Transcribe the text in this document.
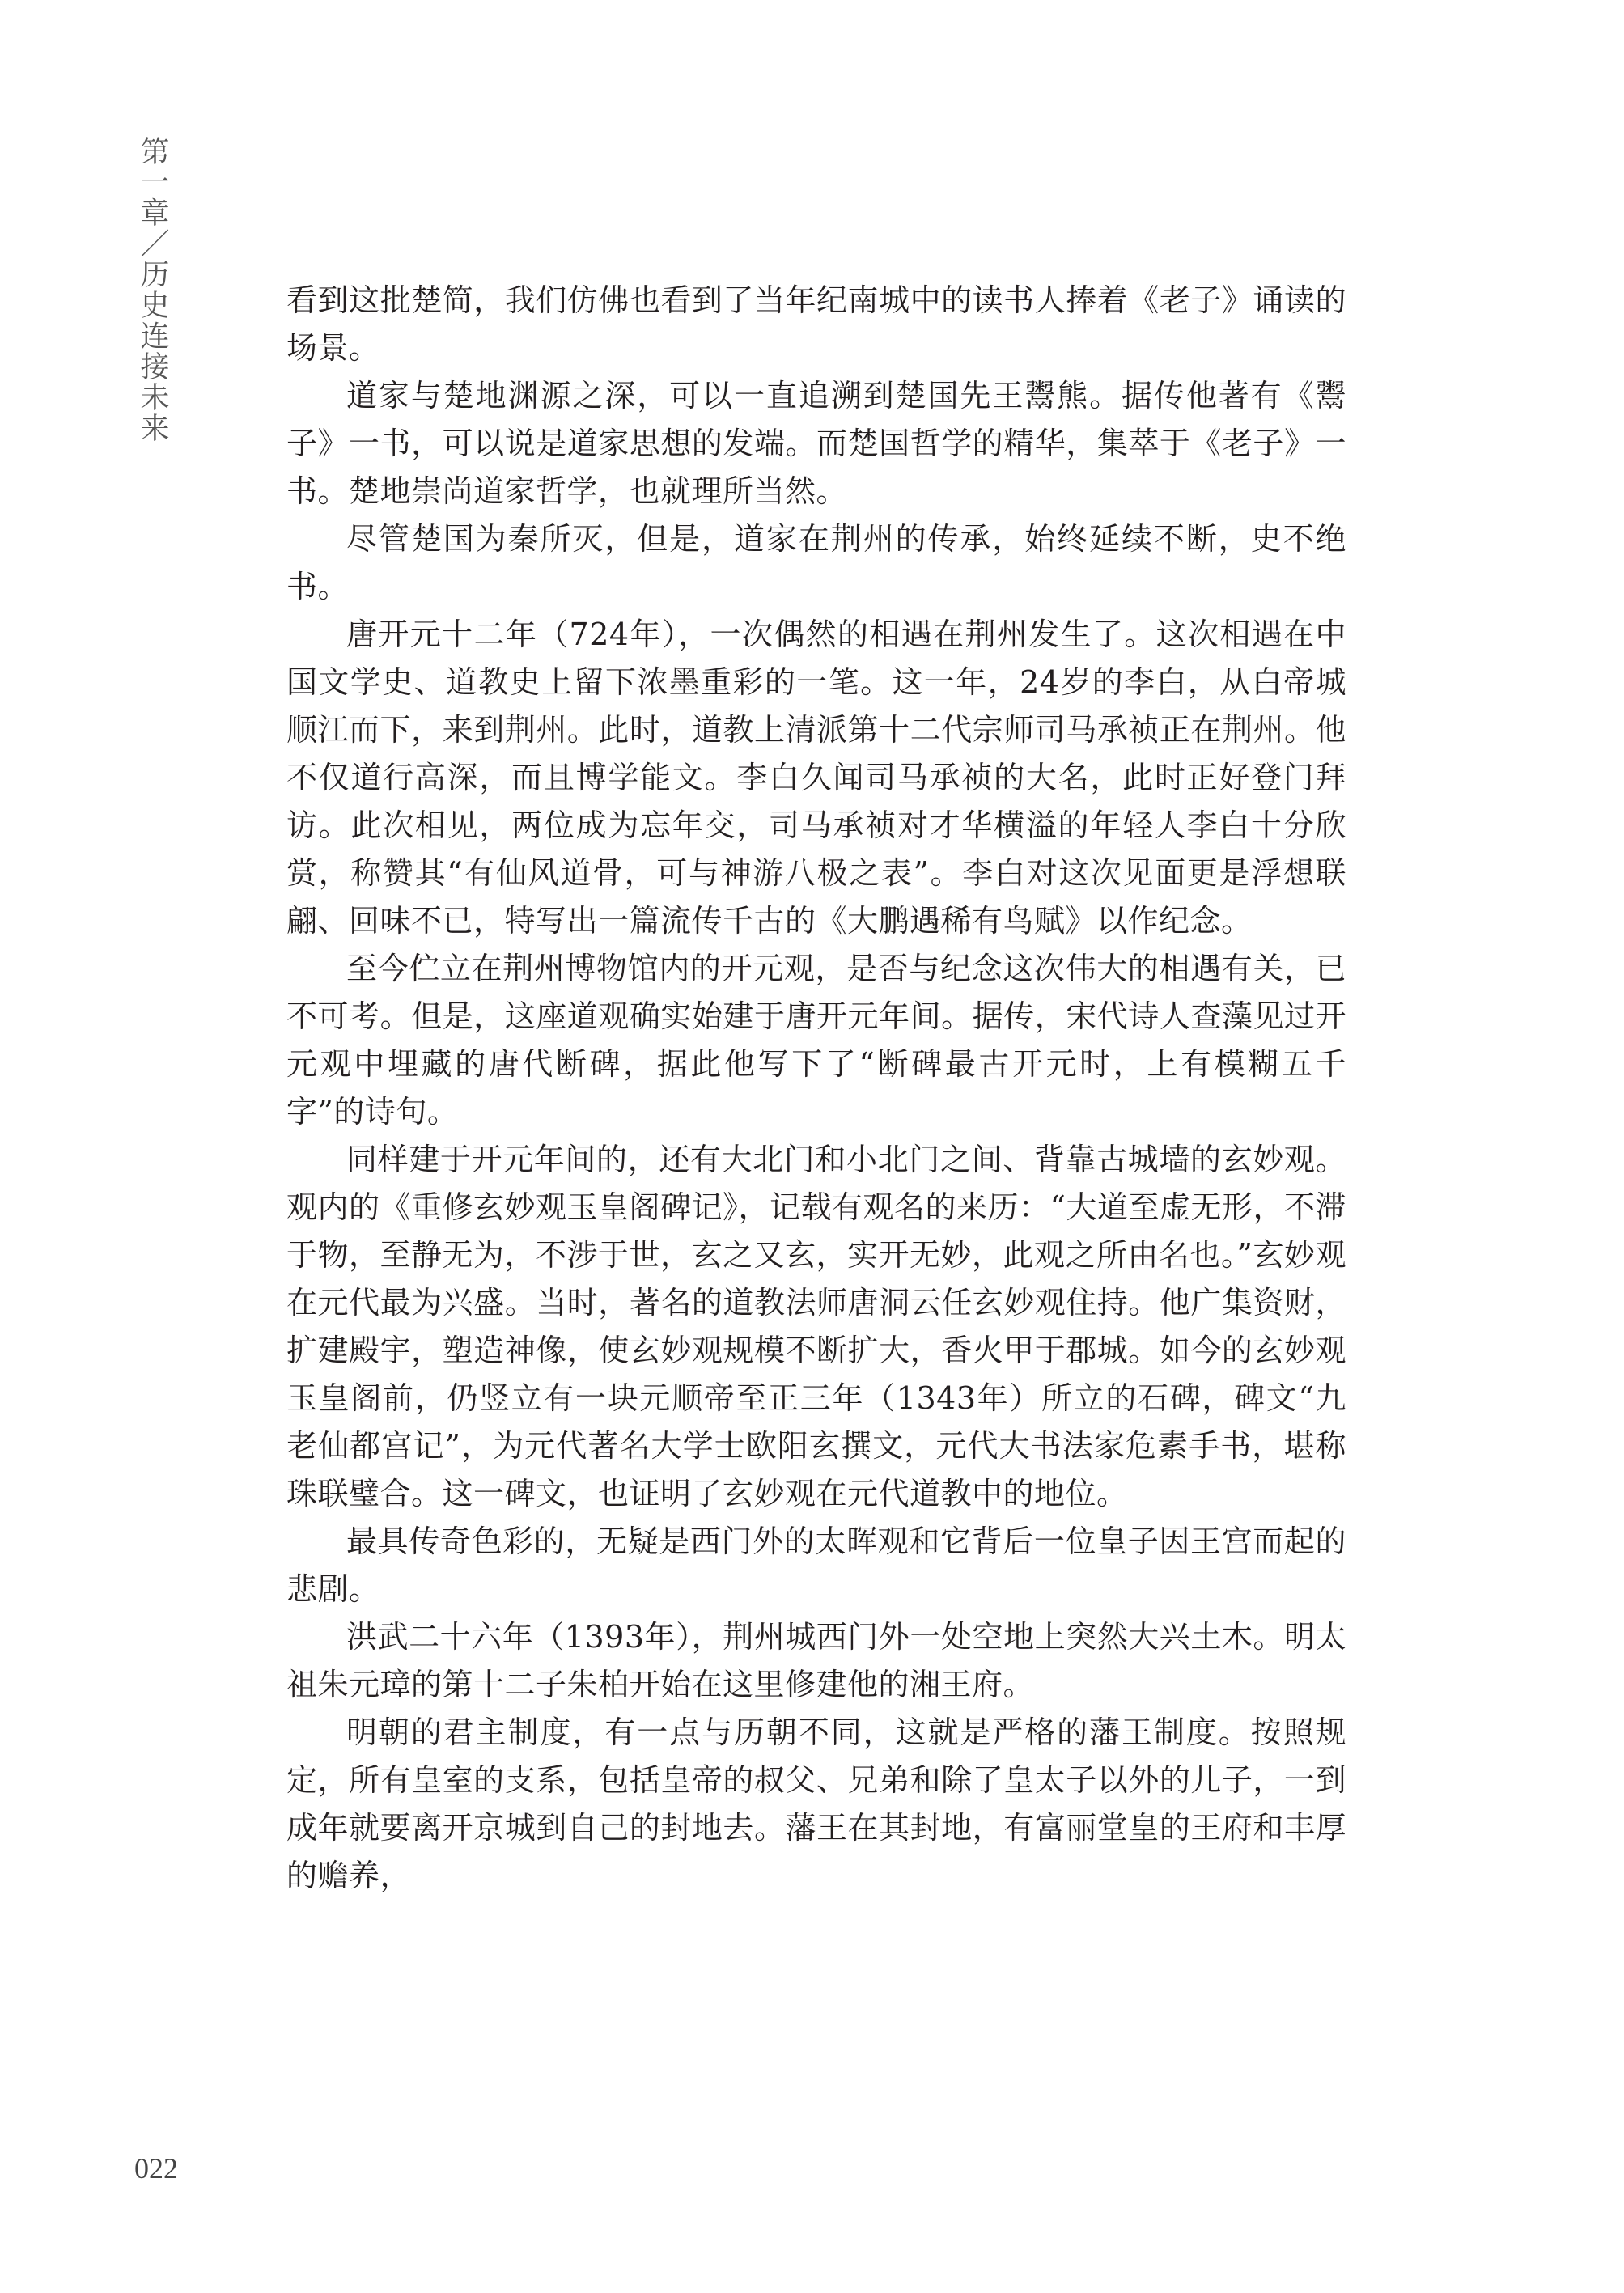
第一章／历史连接未来	看到这批楚简，我们仿佛也看到了当年纪南城中的读书人捧着《老子》诵读的场景。

道家与楚地渊源之深，可以一直追溯到楚国先王鬻熊。据传他著有《鬻子》一书，可以说是道家思想的发端。而楚国哲学的精华，集萃于《老子》一书。楚地崇尚道家哲学，也就理所当然。

尽管楚国为秦所灭，但是，道家在荆州的传承，始终延续不断，史不绝书。

唐开元十二年（724年），一次偶然的相遇在荆州发生了。这次相遇在中国文学史、道教史上留下浓墨重彩的一笔。这一年，24岁的李白，从白帝城顺江而下，来到荆州。此时，道教上清派第十二代宗师司马承祯正在荆州。他不仅道行高深，而且博学能文。李白久闻司马承祯的大名，此时正好登门拜访。此次相见，两位成为忘年交，司马承祯对才华横溢的年轻人李白十分欣赏，称赞其“有仙风道骨，可与神游八极之表”。李白对这次见面更是浮想联翩、回味不已，特写出一篇流传千古的《大鹏遇稀有鸟赋》以作纪念。

至今伫立在荆州博物馆内的开元观，是否与纪念这次伟大的相遇有关，已不可考。但是，这座道观确实始建于唐开元年间。据传，宋代诗人查藻见过开元观中埋藏的唐代断碑，据此他写下了“断碑最古开元时，上有模糊五千字”的诗句。

同样建于开元年间的，还有大北门和小北门之间、背靠古城墙的玄妙观。观内的《重修玄妙观玉皇阁碑记》，记载有观名的来历：“大道至虚无形，不滞于物，至静无为，不涉于世，玄之又玄，实开无妙，此观之所由名也。”玄妙观在元代最为兴盛。当时，著名的道教法师唐洞云任玄妙观住持。他广集资财，扩建殿宇，塑造神像，使玄妙观规模不断扩大，香火甲于郡城。如今的玄妙观玉皇阁前，仍竖立有一块元顺帝至正三年（1343年）所立的石碑，碑文“九老仙都宫记”，为元代著名大学士欧阳玄撰文，元代大书法家危素手书，堪称珠联璧合。这一碑文，也证明了玄妙观在元代道教中的地位。

最具传奇色彩的，无疑是西门外的太晖观和它背后一位皇子因王宫而起的悲剧。

洪武二十六年（1393年），荆州城西门外一处空地上突然大兴土木。明太祖朱元璋的第十二子朱柏开始在这里修建他的湘王府。

明朝的君主制度，有一点与历朝不同，这就是严格的藩王制度。按照规定，所有皇室的支系，包括皇帝的叔父、兄弟和除了皇太子以外的儿子，一到成年就要离开京城到自己的封地去。藩王在其封地，有富丽堂皇的王府和丰厚的赡养，

022
